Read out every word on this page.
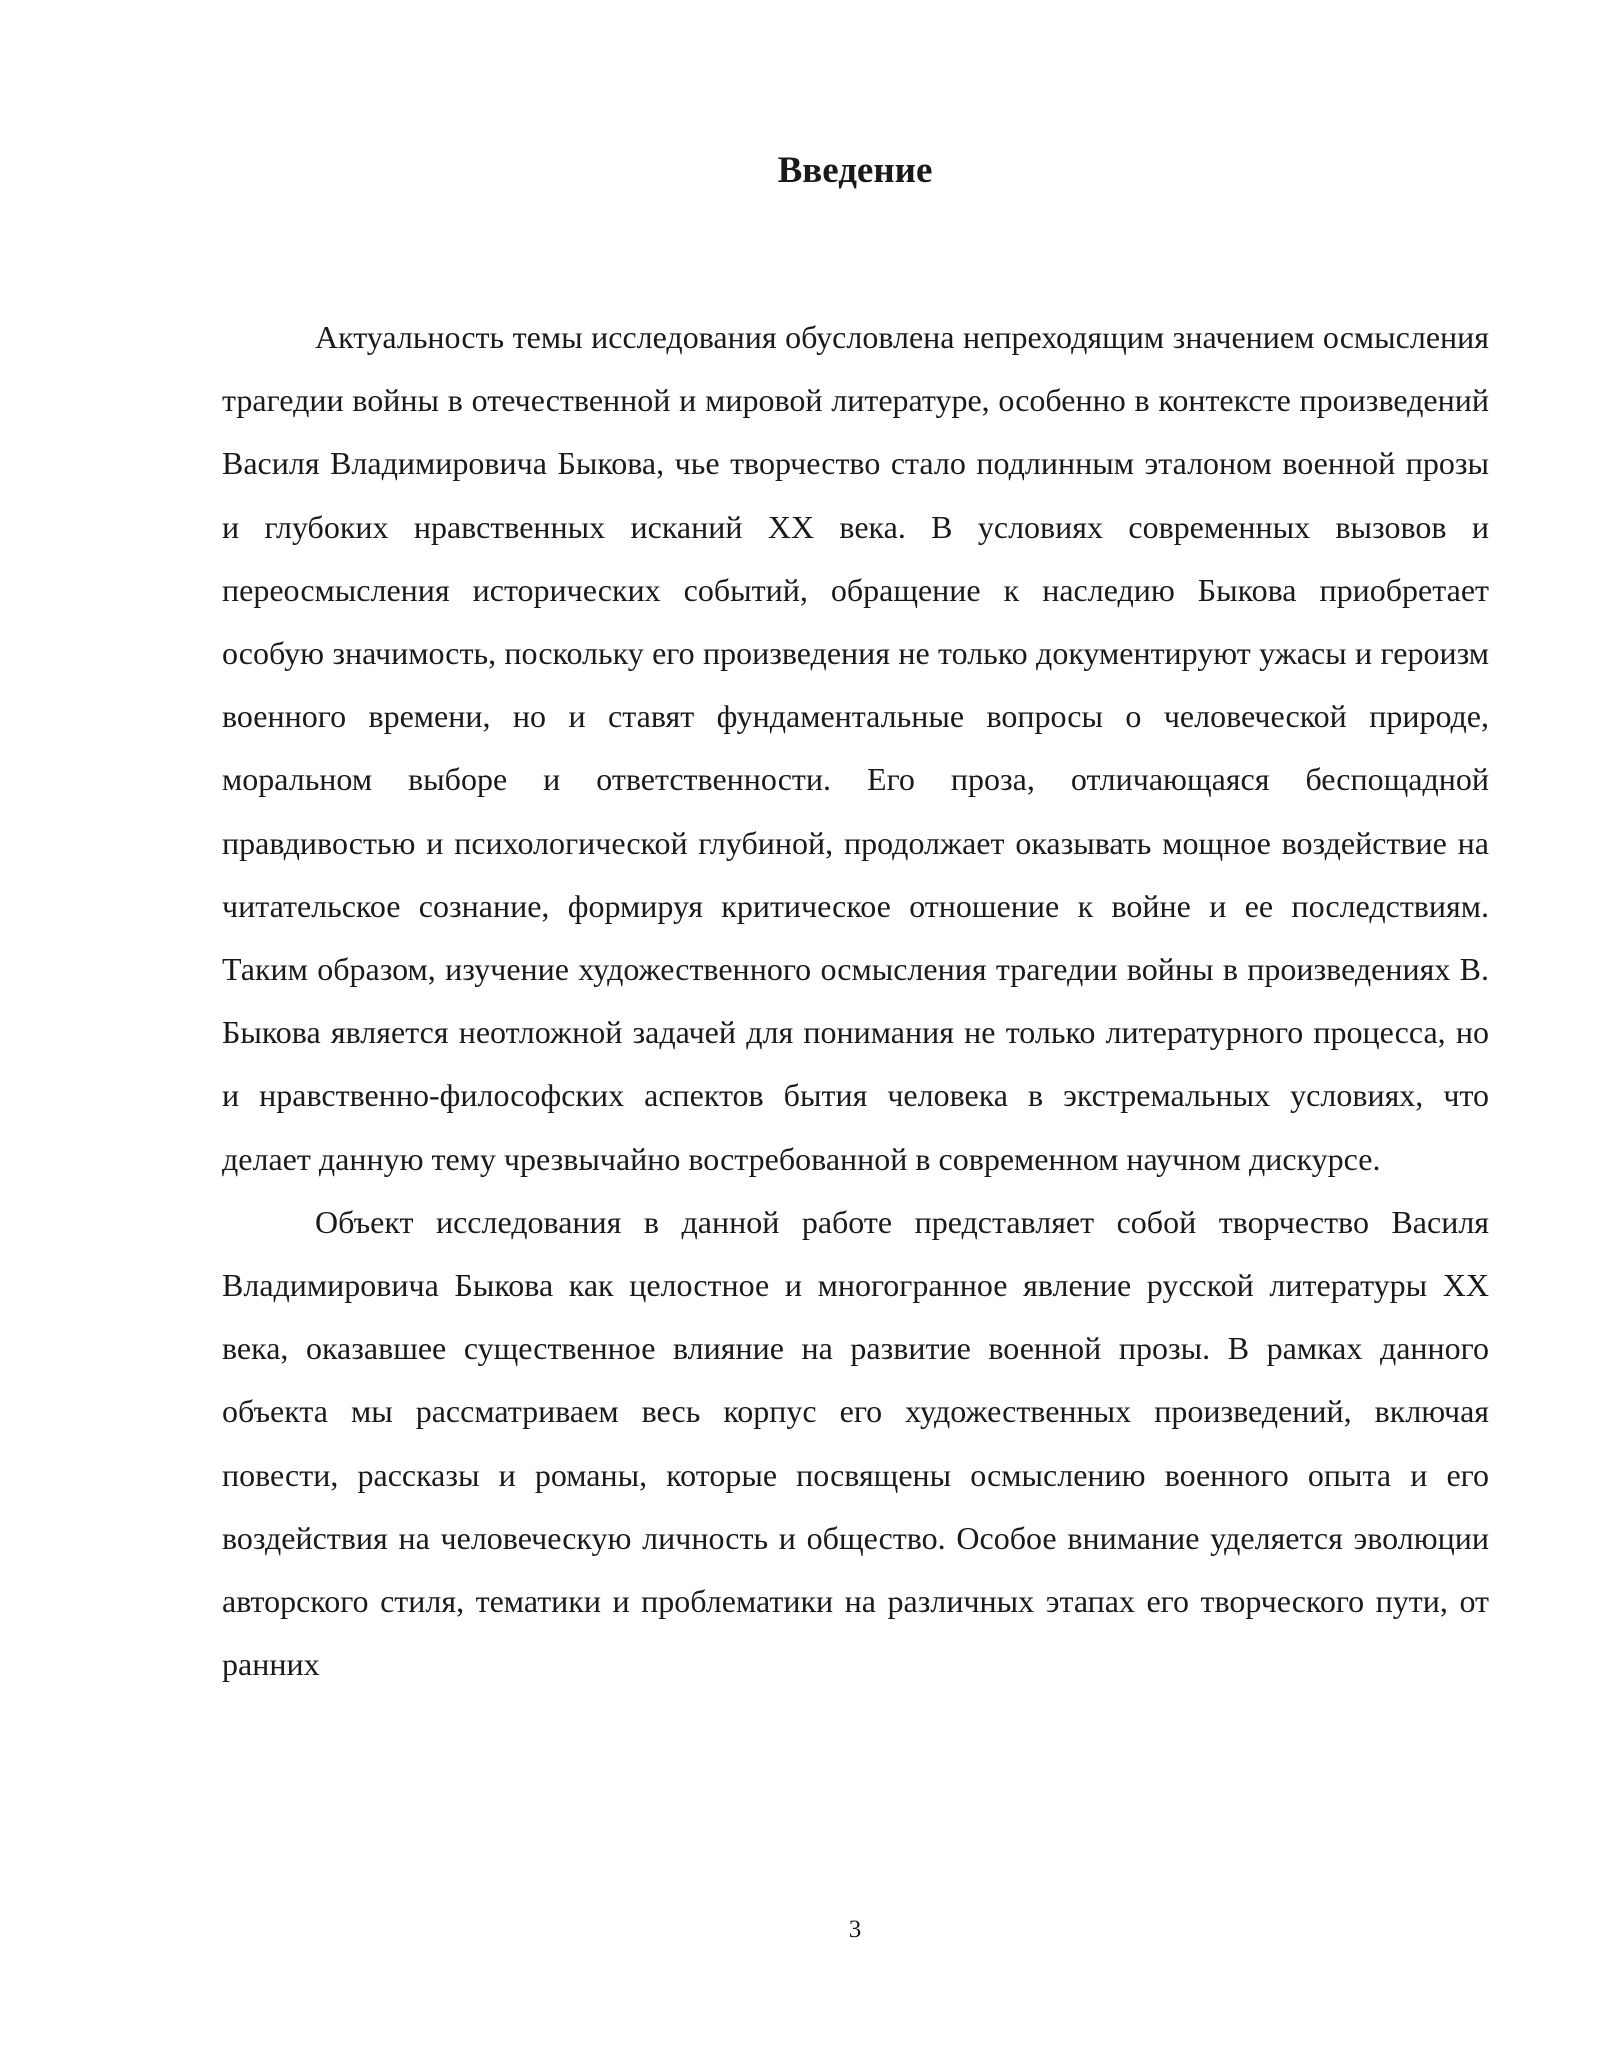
Введение

Актуальность темы исследования обусловлена непреходящим значением осмысления трагедии войны в отечественной и мировой литературе, особенно в контексте произведений Василя Владимировича Быкова, чье творчество стало подлинным эталоном военной прозы и глубоких нравственных исканий XX века. В условиях современных вызовов и переосмысления исторических событий, обращение к наследию Быкова приобретает особую значимость, поскольку его произведения не только документируют ужасы и героизм военного времени, но и ставят фундаментальные вопросы о человеческой природе, моральном выборе и ответственности. Его проза, отличающаяся беспощадной правдивостью и психологической глубиной, продолжает оказывать мощное воздействие на читательское сознание, формируя критическое отношение к войне и ее последствиям. Таким образом, изучение художественного осмысления трагедии войны в произведениях В. Быкова является неотложной задачей для понимания не только литературного процесса, но и нравственно-философских аспектов бытия человека в экстремальных условиях, что делает данную тему чрезвычайно востребованной в современном научном дискурсе.

Объект исследования в данной работе представляет собой творчество Василя Владимировича Быкова как целостное и многогранное явление русской литературы XX века, оказавшее существенное влияние на развитие военной прозы. В рамках данного объекта мы рассматриваем весь корпус его художественных произведений, включая повести, рассказы и романы, которые посвящены осмыслению военного опыта и его воздействия на человеческую личность и общество. Особое внимание уделяется эволюции авторского стиля, тематики и проблематики на различных этапах его творческого пути, от ранних

3
